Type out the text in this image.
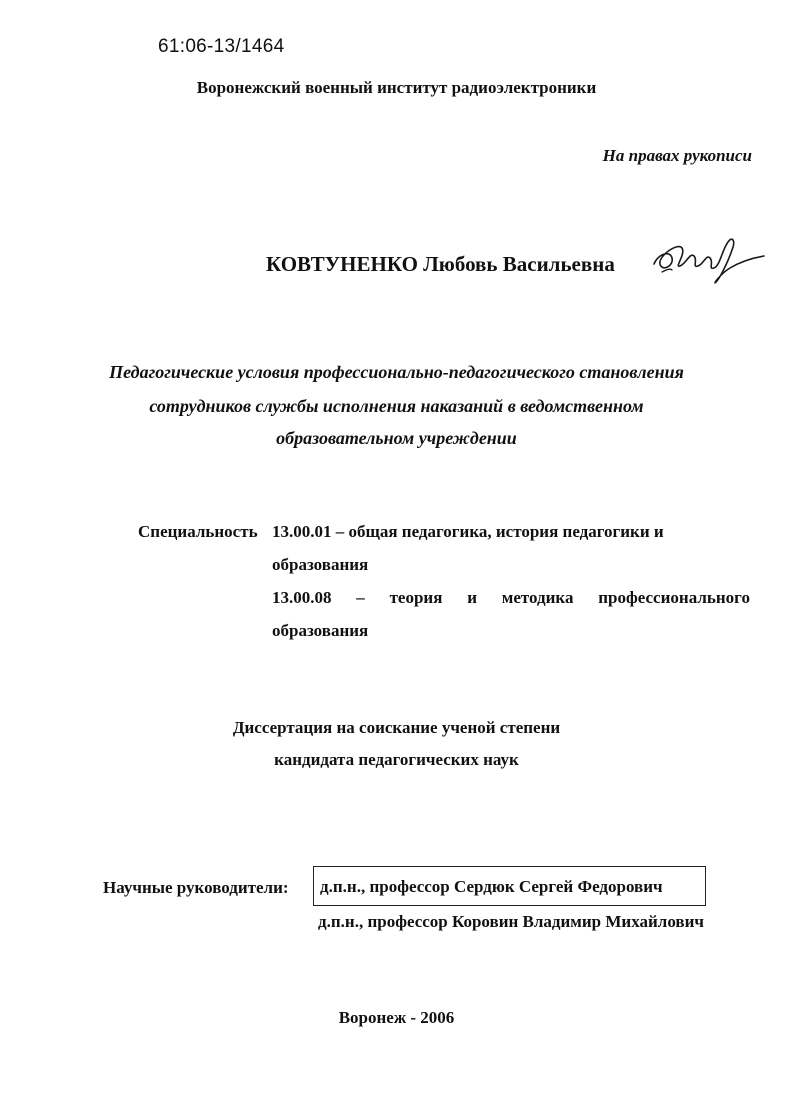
61:06-13/1464
Воронежский военный институт радиоэлектроники
На правах рукописи
КОВТУНЕНКО Любовь Васильевна
Педагогические условия профессионально-педагогического становления
сотрудников службы исполнения наказаний в ведомственном
образовательном учреждении
Специальность 13.00.01 – общая педагогика, история педагогики и
образования
13.00.08 – теория и методика профессионального
образования
Диссертация на соискание ученой степени
кандидата педагогических наук
Научные руководители:	д.п.н., профессор Сердюк Сергей Федорович
д.п.н., профессор Коровин Владимир Михайлович
Воронеж - 2006
